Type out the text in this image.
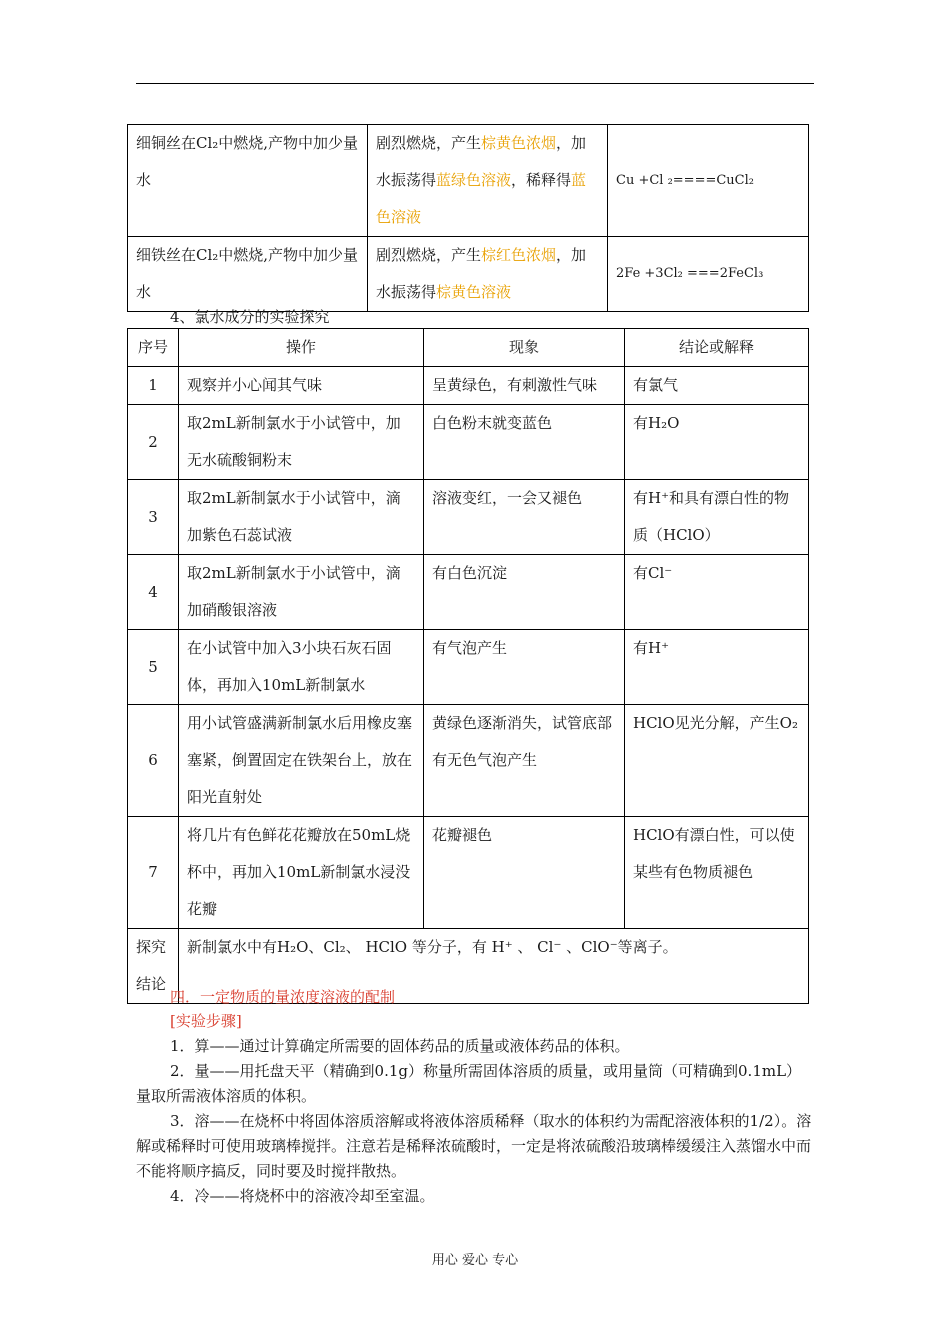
细铜丝在Cl₂中燃烧,产物中加少量水	剧烈燃烧，产生棕黄色浓烟，加水振荡得蓝绿色溶液，稀释得蓝色溶液	Cu +Cl ₂====CuCl₂
细铁丝在Cl₂中燃烧,产物中加少量水	剧烈燃烧，产生棕红色浓烟，加水振荡得棕黄色溶液	2Fe +3Cl₂ ===2FeCl₃
4、氯水成分的实验探究
序号	操作	现象	结论或解释
1	观察并小心闻其气味	呈黄绿色，有刺激性气味	有氯气
2	取2mL新制氯水于小试管中，加无水硫酸铜粉末	白色粉末就变蓝色	有H₂O
3	取2mL新制氯水于小试管中，滴加紫色石蕊试液	溶液变红，一会又褪色	有H⁺和具有漂白性的物质（HClO）
4	取2mL新制氯水于小试管中，滴加硝酸银溶液	有白色沉淀	有Cl⁻
5	在小试管中加入3小块石灰石固体，再加入10mL新制氯水	有气泡产生	有H⁺
6	用小试管盛满新制氯水后用橡皮塞塞紧，倒置固定在铁架台上，放在阳光直射处	黄绿色逐渐消失，试管底部有无色气泡产生	HClO见光分解，产生O₂
7	将几片有色鲜花花瓣放在50mL烧杯中，再加入10mL新制氯水浸没花瓣	花瓣褪色	HClO有漂白性，可以使某些有色物质褪色
探究结论	新制氯水中有H₂O、Cl₂、 HClO 等分子，有 H⁺ 、 Cl⁻ 、ClO⁻等离子。		
四．一定物质的量浓度溶液的配制
[实验步骤]

1．算——通过计算确定所需要的固体药品的质量或液体药品的体积。

2．量——用托盘天平（精确到0.1g）称量所需固体溶质的质量，或用量筒（可精确到0.1mL）量取所需液体溶质的体积。

3．溶——在烧杯中将固体溶质溶解或将液体溶质稀释（取水的体积约为需配溶液体积的1/2）。溶解或稀释时可使用玻璃棒搅拌。注意若是稀释浓硫酸时，一定是将浓硫酸沿玻璃棒缓缓注入蒸馏水中而不能将顺序搞反，同时要及时搅拌散热。

4．冷——将烧杯中的溶液冷却至室温。

用心 爱心 专心
